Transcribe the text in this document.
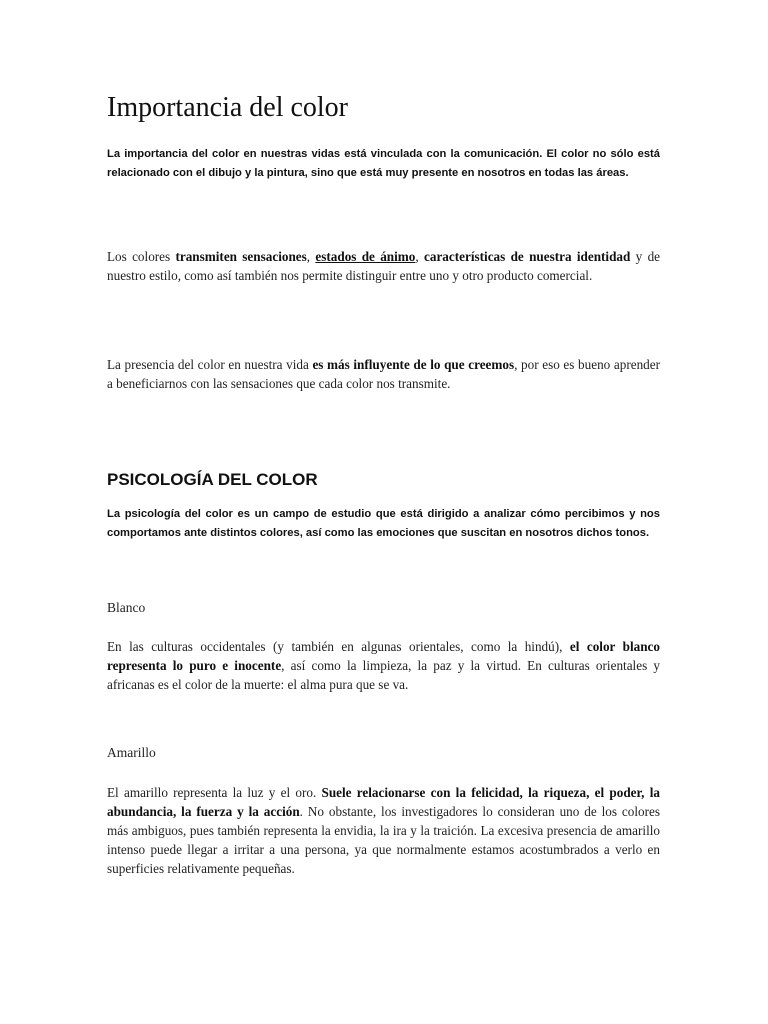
Importancia del color

La importancia del color en nuestras vidas está vinculada con la comunicación. El color no sólo está relacionado con el dibujo y la pintura, sino que está muy presente en nosotros en todas las áreas.

Los colores transmiten sensaciones, estados de ánimo, características de nuestra identidad y de nuestro estilo, como así también nos permite distinguir entre uno y otro producto comercial.

La presencia del color en nuestra vida es más influyente de lo que creemos, por eso es bueno aprender a beneficiarnos con las sensaciones que cada color nos transmite.

PSICOLOGÍA DEL COLOR

La psicología del color es un campo de estudio que está dirigido a analizar cómo percibimos y nos comportamos ante distintos colores, así como las emociones que suscitan en nosotros dichos tonos.

Blanco

En las culturas occidentales (y también en algunas orientales, como la hindú), el color blanco representa lo puro e inocente, así como la limpieza, la paz y la virtud. En culturas orientales y africanas es el color de la muerte: el alma pura que se va.

Amarillo

El amarillo representa la luz y el oro. Suele relacionarse con la felicidad, la riqueza, el poder, la abundancia, la fuerza y la acción. No obstante, los investigadores lo consideran uno de los colores más ambiguos, pues también representa la envidia, la ira y la traición. La excesiva presencia de amarillo intenso puede llegar a irritar a una persona, ya que normalmente estamos acostumbrados a verlo en superficies relativamente pequeñas.
